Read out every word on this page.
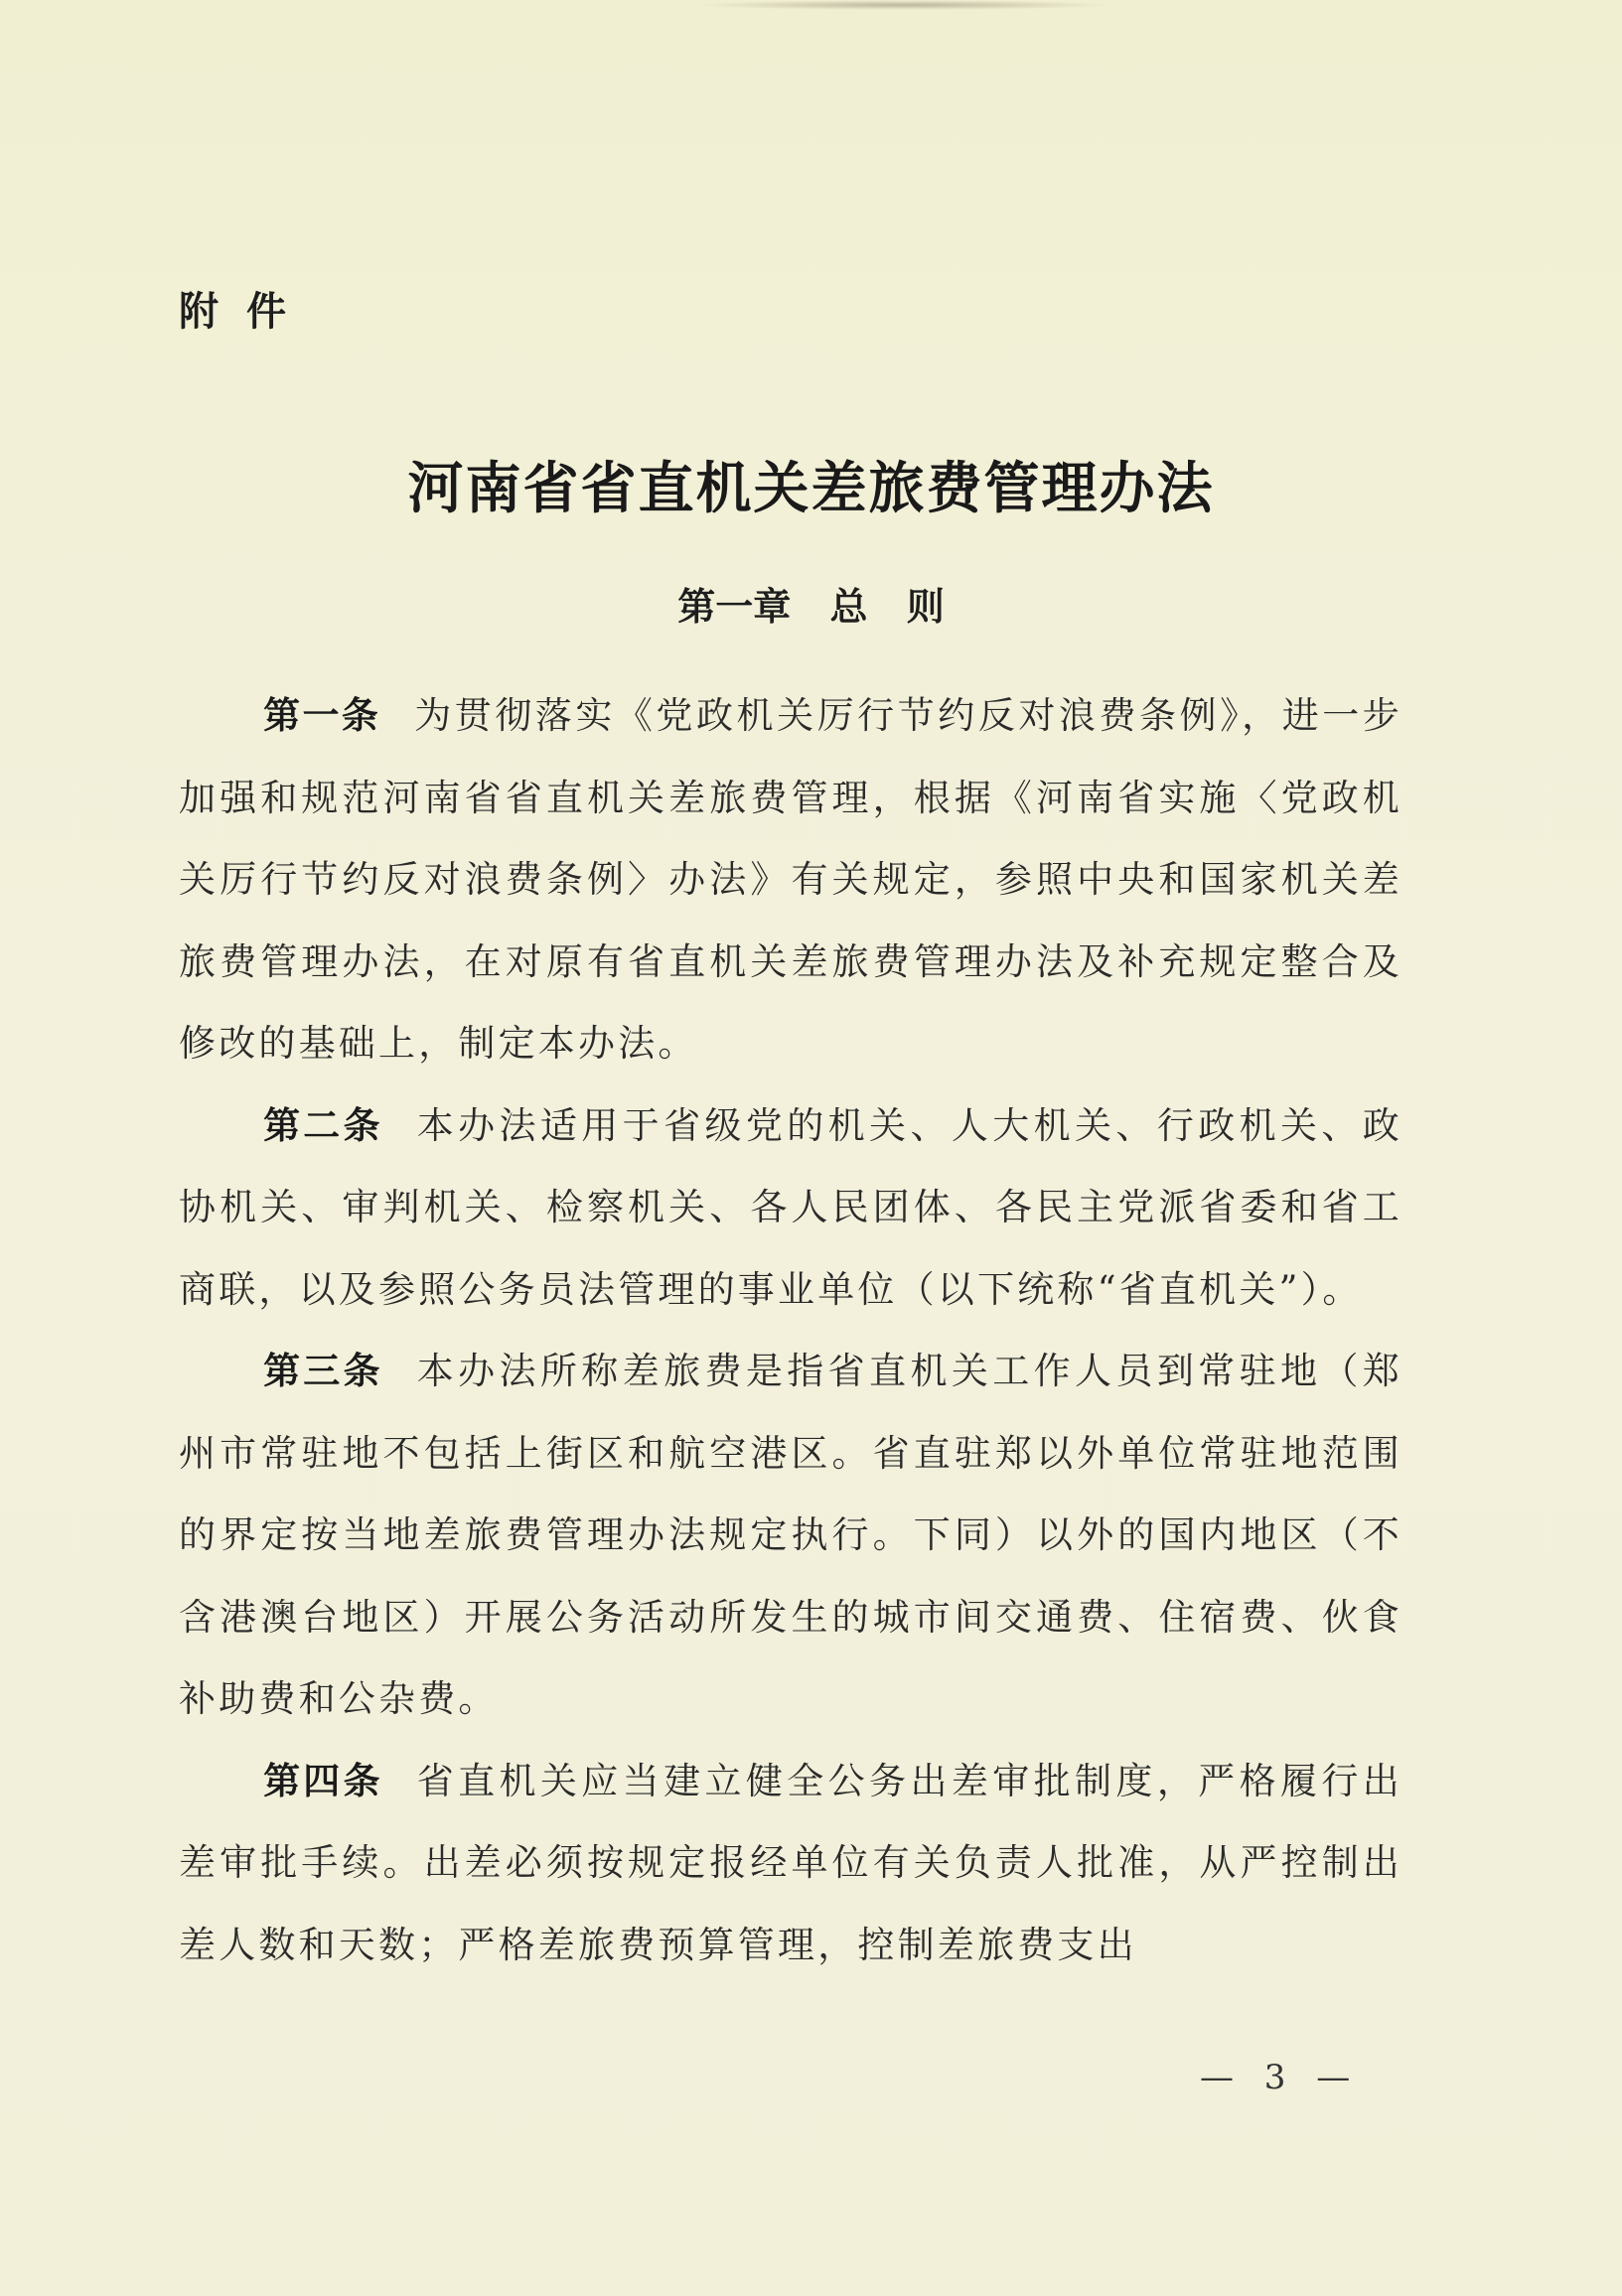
附件
河南省省直机关差旅费管理办法
第一章 总 则

第一条 为贯彻落实《党政机关厉行节约反对浪费条例》，进一步加强和规范河南省省直机关差旅费管理，根据《河南省实施〈党政机关厉行节约反对浪费条例〉办法》有关规定，参照中央和国家机关差旅费管理办法，在对原有省直机关差旅费管理办法及补充规定整合及修改的基础上，制定本办法。

第二条 本办法适用于省级党的机关、人大机关、行政机关、政协机关、审判机关、检察机关、各人民团体、各民主党派省委和省工商联，以及参照公务员法管理的事业单位（以下统称“省直机关”）。

第三条 本办法所称差旅费是指省直机关工作人员到常驻地（郑州市常驻地不包括上街区和航空港区。省直驻郑以外单位常驻地范围的界定按当地差旅费管理办法规定执行。下同）以外的国内地区（不含港澳台地区）开展公务活动所发生的城市间交通费、住宿费、伙食补助费和公杂费。

第四条 省直机关应当建立健全公务出差审批制度，严格履行出差审批手续。出差必须按规定报经单位有关负责人批准，从严控制出差人数和天数；严格差旅费预算管理，控制差旅费支出

— 3 —
